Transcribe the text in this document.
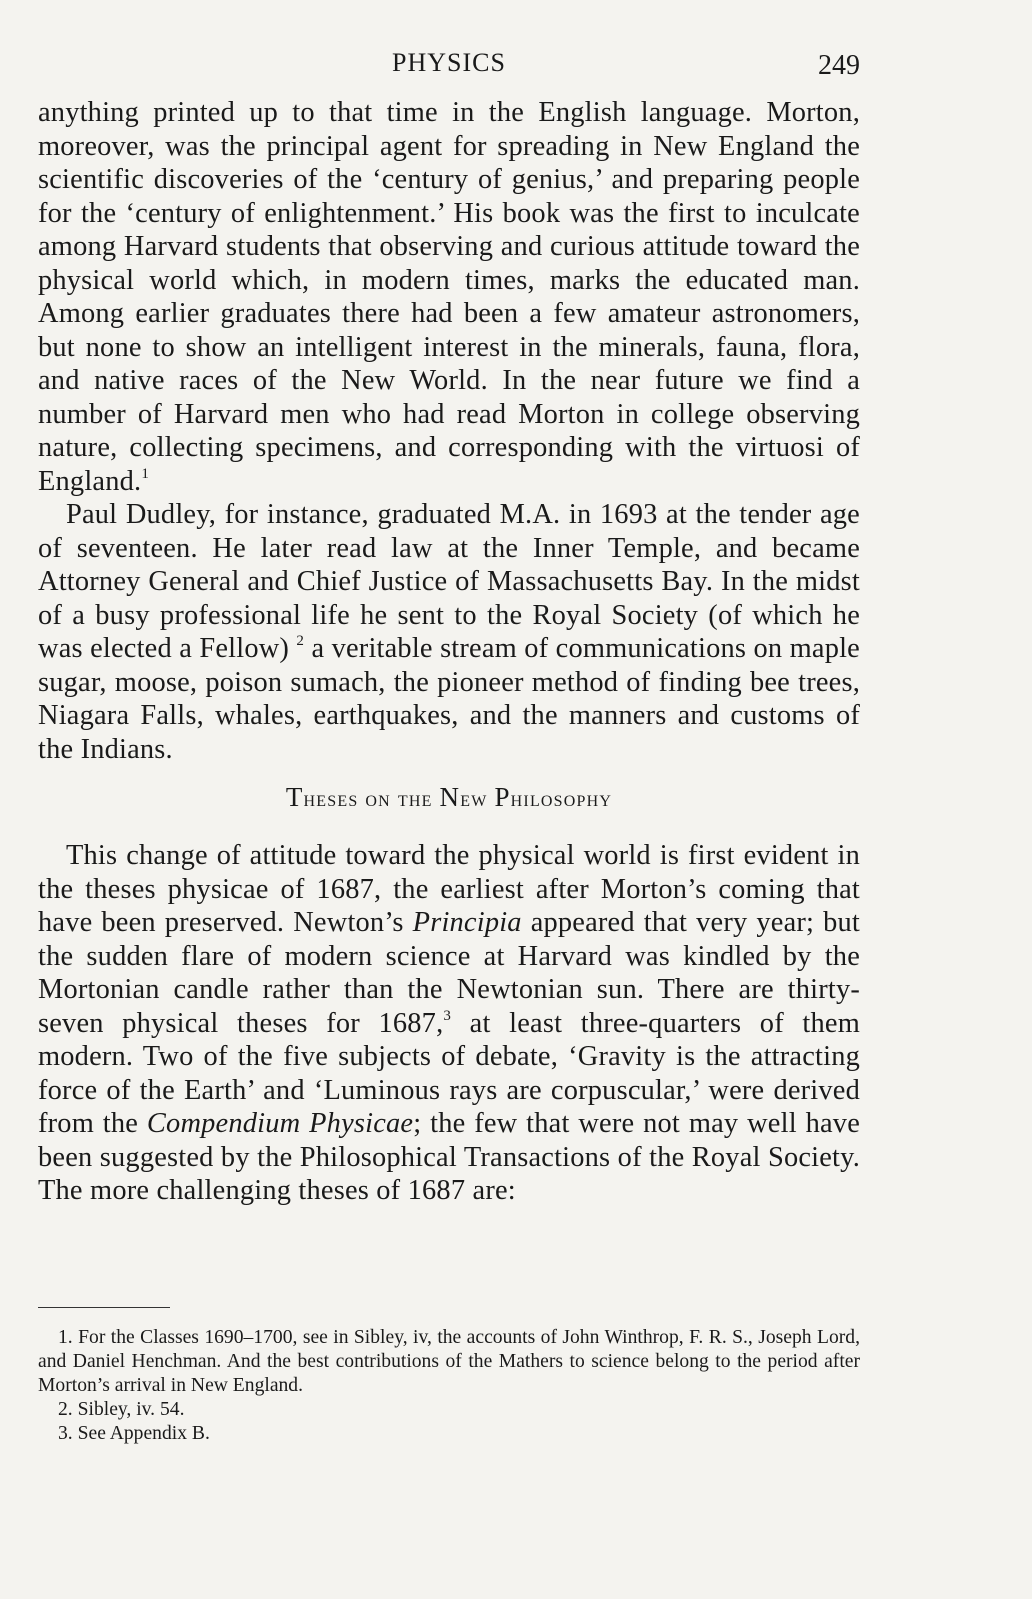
PHYSICS	249

anything printed up to that time in the English language. Morton, moreover, was the principal agent for spreading in New England the scientific discoveries of the ‘century of genius,’ and preparing people for the ‘century of enlightenment.’ His book was the first to inculcate among Harvard students that observing and curious attitude toward the physical world which, in modern times, marks the educated man. Among earlier graduates there had been a few amateur astronomers, but none to show an intelligent interest in the minerals, fauna, flora, and native races of the New World. In the near future we find a number of Harvard men who had read Morton in college observing nature, collecting specimens, and corresponding with the virtuosi of England.$^1$

Paul Dudley, for instance, graduated M.A. in 1693 at the tender age of seventeen. He later read law at the Inner Temple, and became Attorney General and Chief Justice of Massachusetts Bay. In the midst of a busy professional life he sent to the Royal Society (of which he was elected a Fellow) $^2$ a veritable stream of communications on maple sugar, moose, poison sumach, the pioneer method of finding bee trees, Niagara Falls, whales, earthquakes, and the manners and customs of the Indians.

Theses on the New Philosophy

This change of attitude toward the physical world is first evident in the theses physicae of 1687, the earliest after Morton’s coming that have been preserved. Newton’s Principia appeared that very year; but the sudden flare of modern science at Harvard was kindled by the Mortonian candle rather than the Newtonian sun. There are thirty-seven physical theses for 1687,$^3$ at least three-quarters of them modern. Two of the five subjects of debate, ‘Gravity is the attracting force of the Earth’ and ‘Luminous rays are corpuscular,’ were derived from the Compendium Physicae; the few that were not may well have been suggested by the Philosophical Transactions of the Royal Society. The more challenging theses of 1687 are:

1. For the Classes 1690–1700, see in Sibley, iv, the accounts of John Winthrop, F. R. S., Joseph Lord, and Daniel Henchman. And the best contributions of the Mathers to science belong to the period after Morton’s arrival in New England.

2. Sibley, iv. 54.

3. See Appendix B.
